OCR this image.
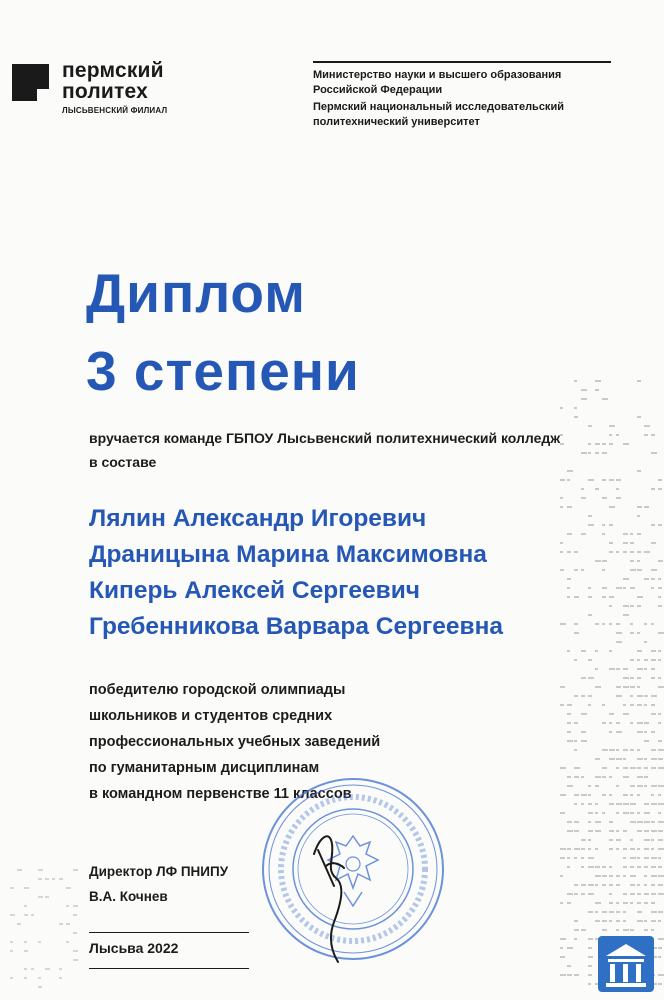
пермский
политех
ЛЫСЬВЕНСКИЙ ФИЛИАЛ
Министерство науки и высшего образования
Российской Федерации
Пермский национальный исследовательский
политехнический университет
Диплом
3 степени
вручается команде ГБПОУ Лысьвенский политехнический колледж
в составе
Лялин Александр Игоревич
Драницына Марина Максимовна
Киперь Алексей Сергеевич
Гребенникова Варвара Сергеевна
победителю городской олимпиады
школьников и студентов средних
профессиональных учебных заведений
по гуманитарным дисциплинам
в командном первенстве 11 классов
Директор ЛФ ПНИПУ
В.А. Кочнев
Лысьва 2022
